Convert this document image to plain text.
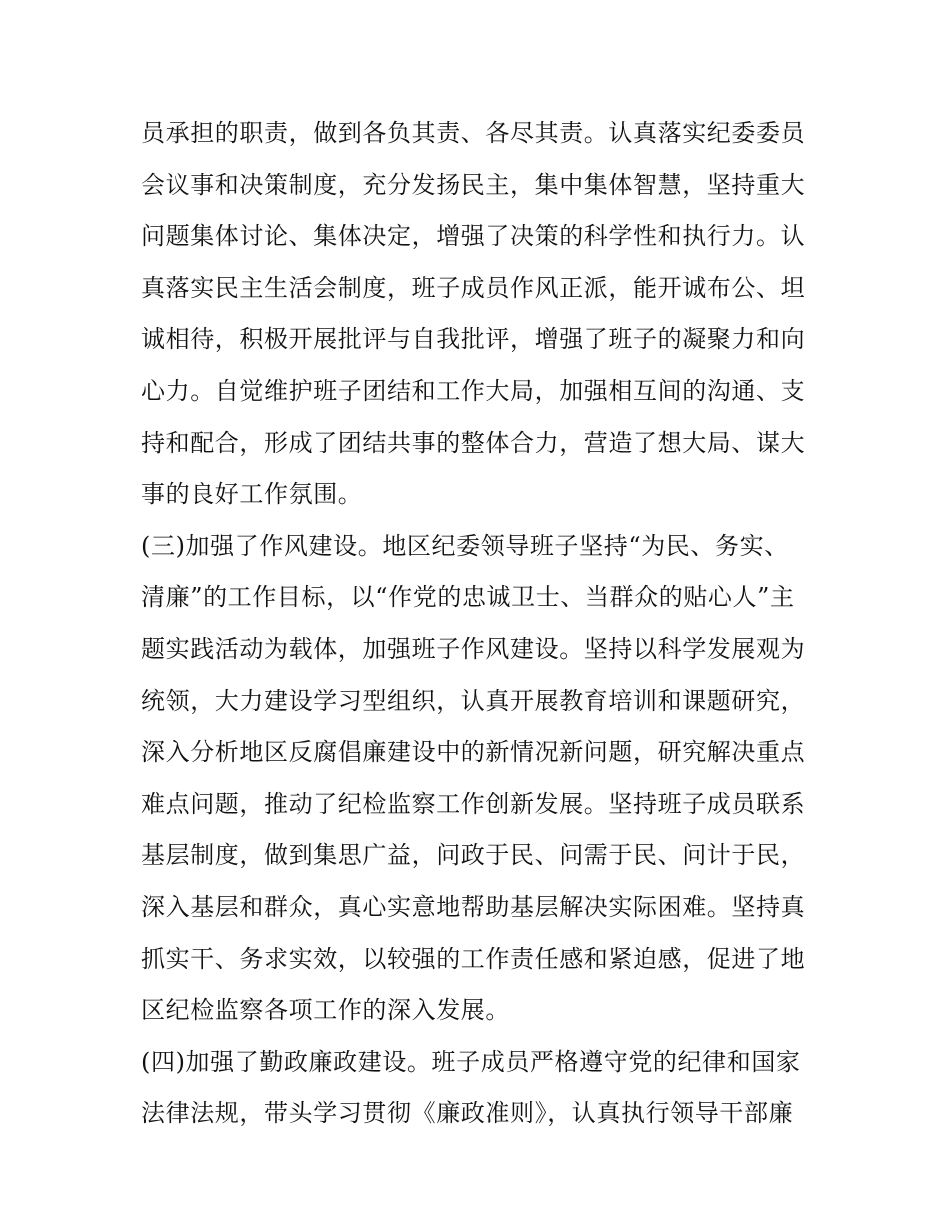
员承担的职责，做到各负其责、各尽其责。认真落实纪委委员
会议事和决策制度，充分发扬民主，集中集体智慧，坚持重大
问题集体讨论、集体决定，增强了决策的科学性和执行力。认
真落实民主生活会制度，班子成员作风正派，能开诚布公、坦
诚相待，积极开展批评与自我批评，增强了班子的凝聚力和向
心力。自觉维护班子团结和工作大局，加强相互间的沟通、支
持和配合，形成了团结共事的整体合力，营造了想大局、谋大
事的良好工作氛围。
(三)加强了作风建设。地区纪委领导班子坚持“为民、务实、
清廉”的工作目标，以“作党的忠诚卫士、当群众的贴心人”主
题实践活动为载体，加强班子作风建设。坚持以科学发展观为
统领，大力建设学习型组织，认真开展教育培训和课题研究，
深入分析地区反腐倡廉建设中的新情况新问题，研究解决重点
难点问题，推动了纪检监察工作创新发展。坚持班子成员联系
基层制度，做到集思广益，问政于民、问需于民、问计于民，
深入基层和群众，真心实意地帮助基层解决实际困难。坚持真
抓实干、务求实效，以较强的工作责任感和紧迫感，促进了地
区纪检监察各项工作的深入发展。
(四)加强了勤政廉政建设。班子成员严格遵守党的纪律和国家
法律法规，带头学习贯彻《廉政准则》，认真执行领导干部廉
